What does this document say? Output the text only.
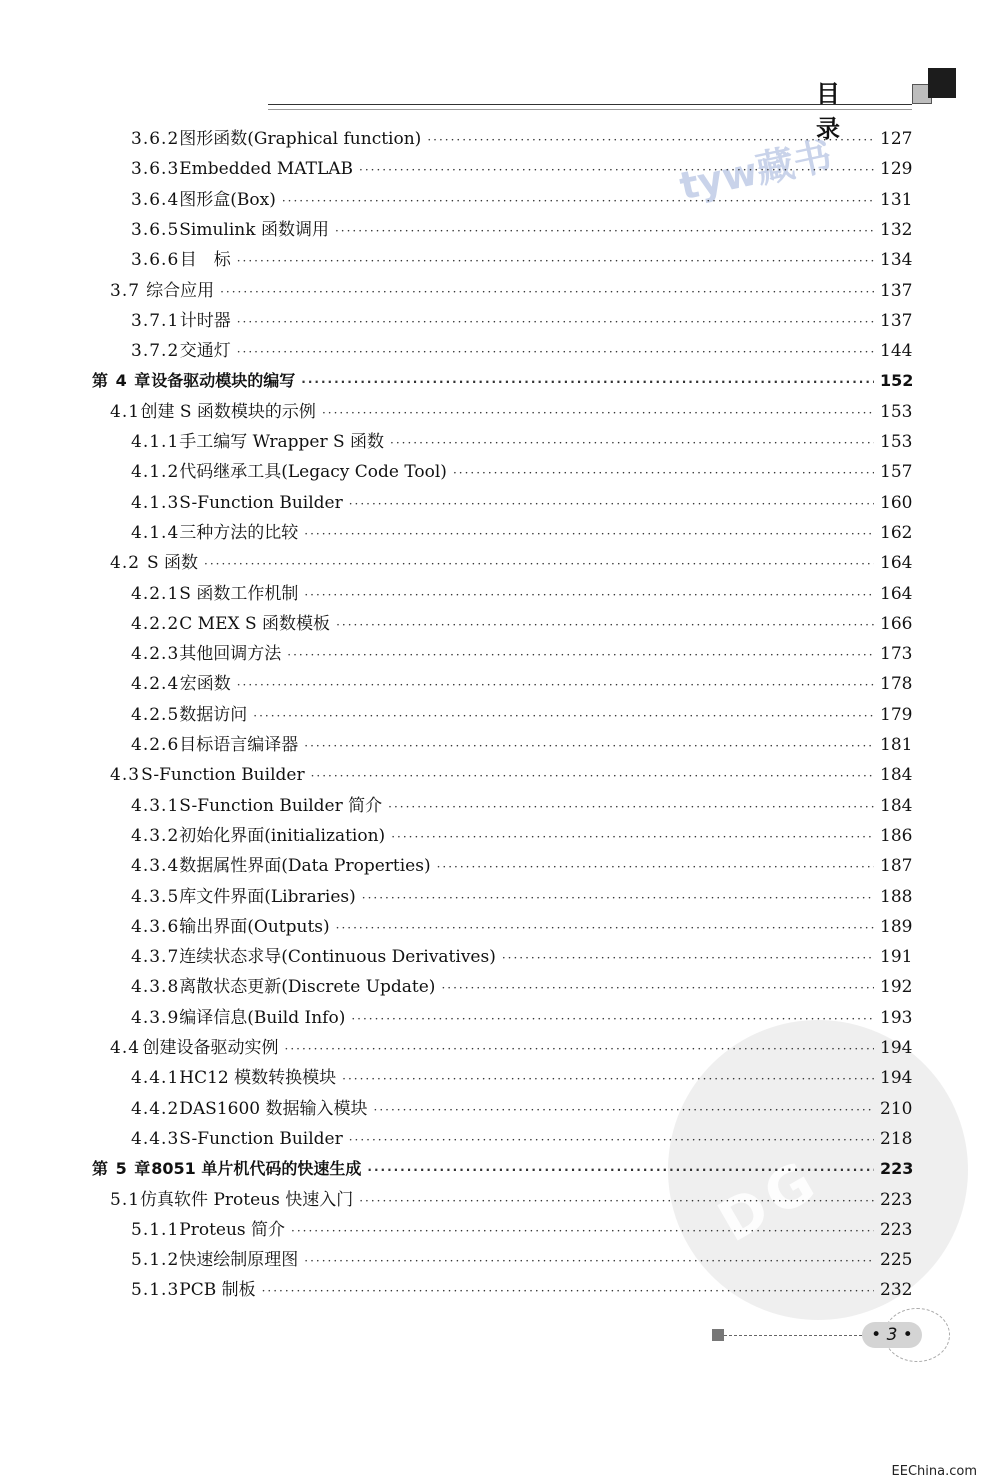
目 录
tyw藏书
DG
3.6.2 图形函数(Graphical function) ·····	127
3.6.3 Embedded MATLAB ·····	129
3.6.4 图形盒(Box) ·····	131
3.6.5 Simulink 函数调用 ·····	132
3.6.6 目　标 ·····	134
3.7 综合应用 ·····	137
3.7.1 计时器 ·····	137
3.7.2 交通灯 ·····	144
第 4 章 设备驱动模块的编写 ·····	152
4.1 创建 S 函数模块的示例 ·····	153
4.1.1 手工编写 Wrapper S 函数 ·····	153
4.1.2 代码继承工具(Legacy Code Tool) ·····	157
4.1.3 S-Function Builder ·····	160
4.1.4 三种方法的比较 ·····	162
4.2 S 函数 ·····	164
4.2.1 S 函数工作机制 ·····	164
4.2.2 C MEX S 函数模板 ·····	166
4.2.3 其他回调方法 ·····	173
4.2.4 宏函数 ·····	178
4.2.5 数据访问 ·····	179
4.2.6 目标语言编译器 ·····	181
4.3 S-Function Builder ·····	184
4.3.1 S-Function Builder 简介 ·····	184
4.3.2 初始化界面(initialization) ·····	186
4.3.4 数据属性界面(Data Properties) ·····	187
4.3.5 库文件界面(Libraries) ·····	188
4.3.6 输出界面(Outputs) ·····	189
4.3.7 连续状态求导(Continuous Derivatives) ·····	191
4.3.8 离散状态更新(Discrete Update) ·····	192
4.3.9 编译信息(Build Info) ·····	193
4.4 创建设备驱动实例 ·····	194
4.4.1 HC12 模数转换模块 ·····	194
4.4.2 DAS1600 数据输入模块 ·····	210
4.4.3 S-Function Builder ·····	218
第 5 章 8051 单片机代码的快速生成 ·····	223
5.1 仿真软件 Proteus 快速入门 ·····	223
5.1.1 Proteus 简介 ·····	223
5.1.2 快速绘制原理图 ·····	225
5.1.3 PCB 制板 ·····	232
• 3 •
EEChina.com
